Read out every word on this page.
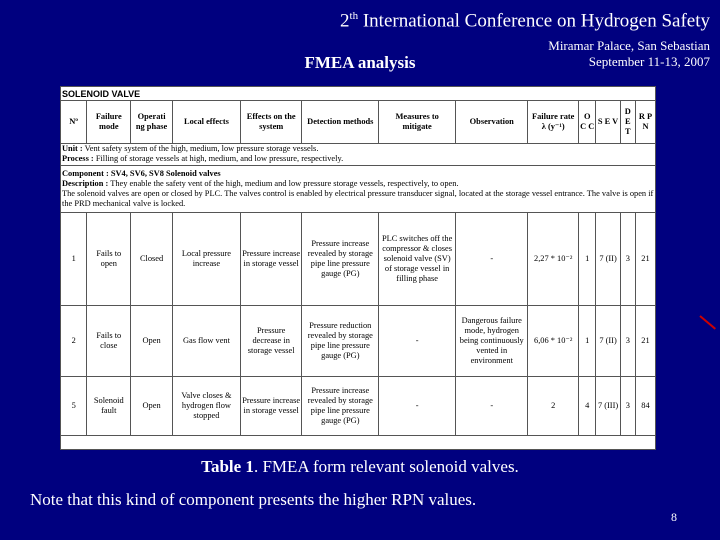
2th International Conference on Hydrogen Safety
Miramar Palace, San Sebastian
September 11-13, 2007
FMEA analysis
SOLENOID VALVE												
Nº	Failure mode	Operati ng phase	Local effects	Effects on the system	Detection methods	Measures to mitigate	Observation	Failure rate λ (y⁻¹)	O C C	S E V	D E T	R P N

Unit : Vent safety system of the high, medium, low pressure storage vessels.
Process : Filling of storage vessels at high, medium, and low pressure, respectively.												

Component : SV4, SV6, SV8 Solenoid valves
Description : They enable the safety vent of the high, medium and low pressure storage vessels, respectively, to open.
The solenoid valves are open or closed by PLC. The valves control is enabled by electrical pressure transducer signal, located at the storage vessel entrance. The valve is open if the PRD mechanical valve is locked.												

1	Fails to open	Closed	Local pressure increase	Pressure increase in storage vessel	Pressure increase revealed by storage pipe line pressure gauge (PG)	PLC switches off the compressor & closes solenoid valve (SV) of storage vessel in filling phase	-	2,27 * 10⁻²	1	7 (II)	3	21
2	Fails to close	Open	Gas flow vent	Pressure decrease in storage vessel	Pressure reduction revealed by storage pipe line pressure gauge (PG)	-	Dangerous failure mode, hydrogen being continuously vented in environment	6,06 * 10⁻²	1	7 (II)	3	21
5	Solenoid fault	Open	Valve closes & hydrogen flow stopped	Pressure increase in storage vessel	Pressure increase revealed by storage pipe line pressure gauge (PG)	-	-	2	4	7 (III)	3	84

Table 1. FMEA form relevant solenoid valves.
Note that this kind of component presents the higher RPN values.
8
